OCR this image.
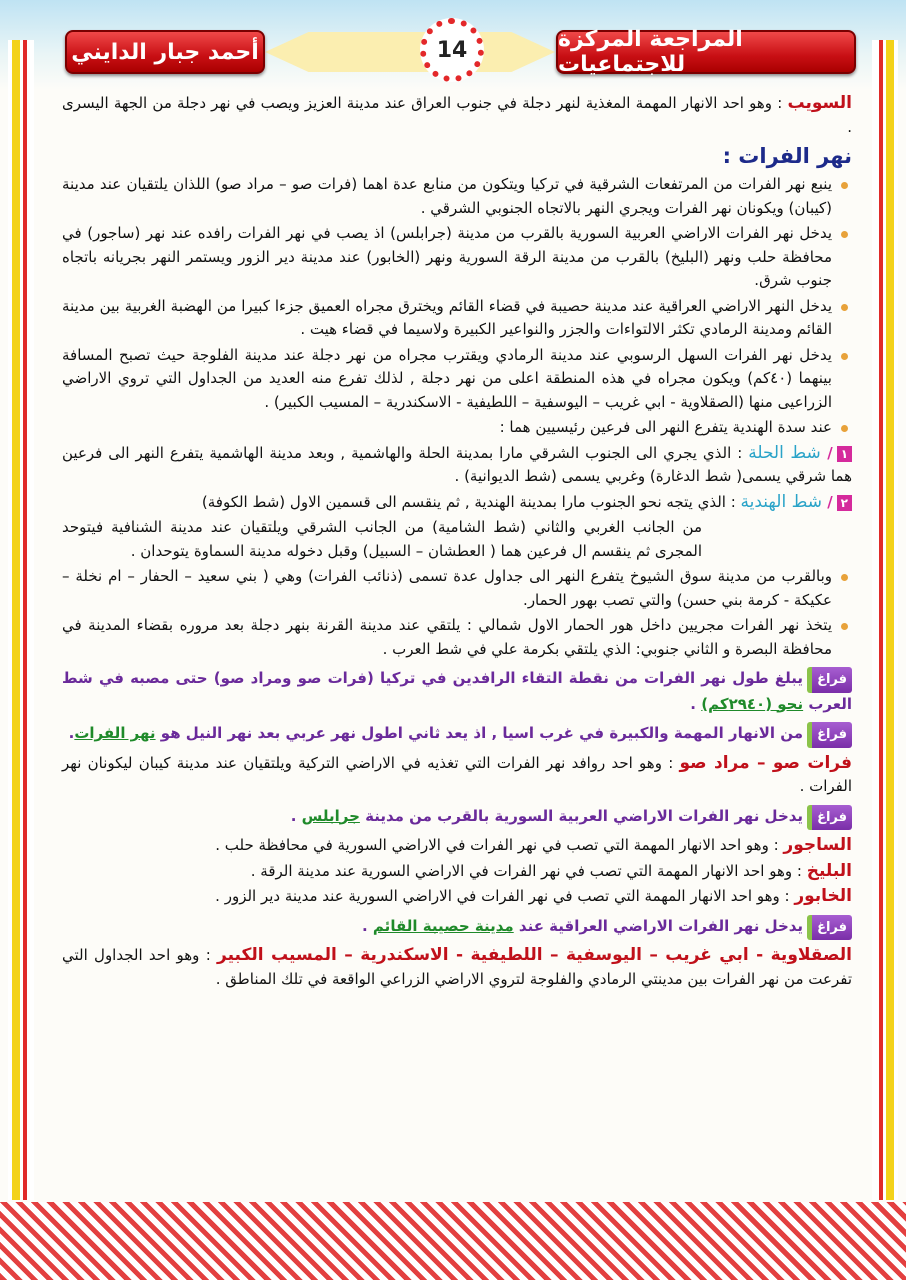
المراجعة المركزة للاجتماعيات
أحمد جبار الدايني	14
السويب : وهو احد الانهار المهمة المغذية لنهر دجلة في جنوب العراق عند مدينة العزيز ويصب في نهر دجلة من الجهة اليسرى .
نهر الفرات :
ينبع نهر الفرات من المرتفعات الشرقية في تركيا ويتكون من منابع عدة اهما (فرات صو – مراد صو) اللذان يلتقيان عند مدينة (كيبان) ويكونان نهر الفرات ويجري النهر بالاتجاه الجنوبي الشرقي .
يدخل نهر الفرات الاراضي العربية السورية بالقرب من مدينة (جرابلس) اذ يصب في نهر الفرات رافده عند نهر (ساجور) في محافظة حلب ونهر (البليخ) بالقرب من مدينة الرقة السورية ونهر (الخابور) عند مدينة دير الزور ويستمر النهر بجريانه باتجاه جنوب شرق.
يدخل النهر الاراضي العراقية عند مدينة حصيبة في قضاء القائم ويخترق مجراه العميق جزءا كبيرا من الهضبة الغربية بين مدينة القائم ومدينة الرمادي تكثر الالتواءات والجزر والنواعير الكبيرة ولاسيما في قضاء هيت .
يدخل نهر الفرات السهل الرسوبي عند مدينة الرمادي ويقترب مجراه من نهر دجلة عند مدينة الفلوجة حيث تصبح المسافة بينهما (٤٠كم) ويكون مجراه في هذه المنطقة اعلى من نهر دجلة , لذلك تفرع منه العديد من الجداول التي تروي الاراضي الزراعيى منها (الصقلاوية - ابي غريب – اليوسفية – اللطيفية - الاسكندرية – المسيب الكبير) .
عند سدة الهندية يتفرع النهر الى فرعين رئيسيين هما :
١/ شط الحلة : الذي يجري الى الجنوب الشرقي مارا بمدينة الحلة والهاشمية , وبعد مدينة الهاشمية يتفرع النهر الى فرعين هما شرقي يسمى( شط الدغارة) وغربي يسمى (شط الديوانية) .
٢/ شط الهندية : الذي يتجه نحو الجنوب مارا بمدينة الهندية , ثم ينقسم الى قسمين الاول (شط الكوفة)
من الجانب الغربي والثاني (شط الشامية) من الجانب الشرقي ويلتقيان عند مدينة الشنافية فيتوحد المجرى ثم ينقسم ال فرعين هما ( العطشان – السبيل) وقبل دخوله مدينة السماوة يتوحدان .
وبالقرب من مدينة سوق الشيوخ يتفرع النهر الى جداول عدة تسمى (ذنائب الفرات) وهي ( بني سعيد – الحفار – ام نخلة – عكيكة - كرمة بني حسن) والتي تصب بهور الحمار.
يتخذ نهر الفرات مجريين داخل هور الحمار الاول شمالي : يلتقي عند مدينة القرنة بنهر دجلة بعد مروره بقضاء المدينة في محافظة البصرة و الثاني جنوبي: الذي يلتقي بكرمة علي في شط العرب .
فراغيبلغ طول نهر الفرات من نقطة التقاء الرافدين في تركيا (فرات صو ومراد صو) حتى مصبه في شط العرب نحو (٢٩٤٠كم) .
فراغمن الانهار المهمة والكبيرة في غرب اسيا , اذ يعد ثاني اطول نهر عربي بعد نهر النيل هو نهر الفرات.
فرات صو – مراد صو : وهو احد روافد نهر الفرات التي تغذيه في الاراضي التركية ويلتقيان عند مدينة كيبان ليكونان نهر الفرات .
فراغيدخل نهر الفرات الاراضي العربية السورية بالقرب من مدينة جرابلس .
الساجور : وهو احد الانهار المهمة التي تصب في نهر الفرات في الاراضي السورية في محافظة حلب .
البليخ : وهو احد الانهار المهمة التي تصب في نهر الفرات في الاراضي السورية عند مدينة الرقة .
الخابور : وهو احد الانهار المهمة التي تصب في نهر الفرات في الاراضي السورية عند مدينة دير الزور .
فراغيدخل نهر الفرات الاراضي العراقية عند مدينة حصيبة القائم .
الصقلاوية - ابي غريب – اليوسفية – اللطيفية - الاسكندرية – المسيب الكبير : وهو احد الجداول التي تفرعت من نهر الفرات بين مدينتي الرمادي والفلوجة لتروي الاراضي الزراعي الواقعة في تلك المناطق .
